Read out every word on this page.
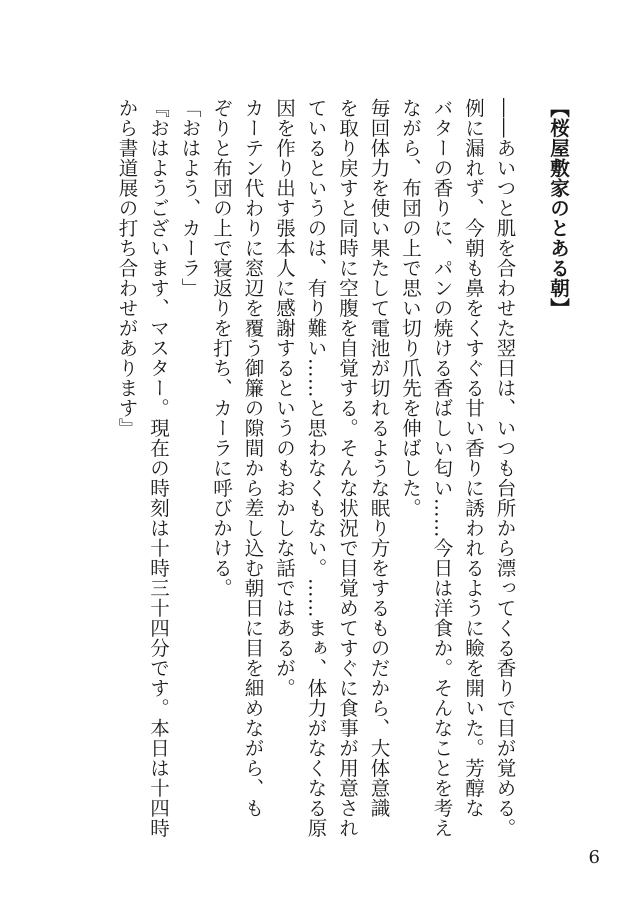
【桜屋敷家のとある朝】
――あいつと肌を合わせた翌日は、いつも台所から漂ってくる香りで目が覚める。
例に漏れず、今朝も鼻をくすぐる甘い香りに誘われるように瞼を開いた。芳醇な
バターの香りに、パンの焼ける香ばしい匂い……今日は洋食か。そんなことを考え
ながら、布団の上で思い切り爪先を伸ばした。
毎回体力を使い果たして電池が切れるような眠り方をするものだから、大体意識
を取り戻すと同時に空腹を自覚する。そんな状況で目覚めてすぐに食事が用意され
ているというのは、有り難い……と思わなくもない。……まぁ、体力がなくなる原
因を作り出す張本人に感謝するというのもおかしな話ではあるが。
カーテン代わりに窓辺を覆う御簾の隙間から差し込む朝日に目を細めながら、も
ぞりと布団の上で寝返りを打ち、カーラに呼びかける。
「おはよう、カーラ」
『おはようございます、マスター。現在の時刻は十時三十四分です。本日は十四時
から書道展の打ち合わせがあります』
6
